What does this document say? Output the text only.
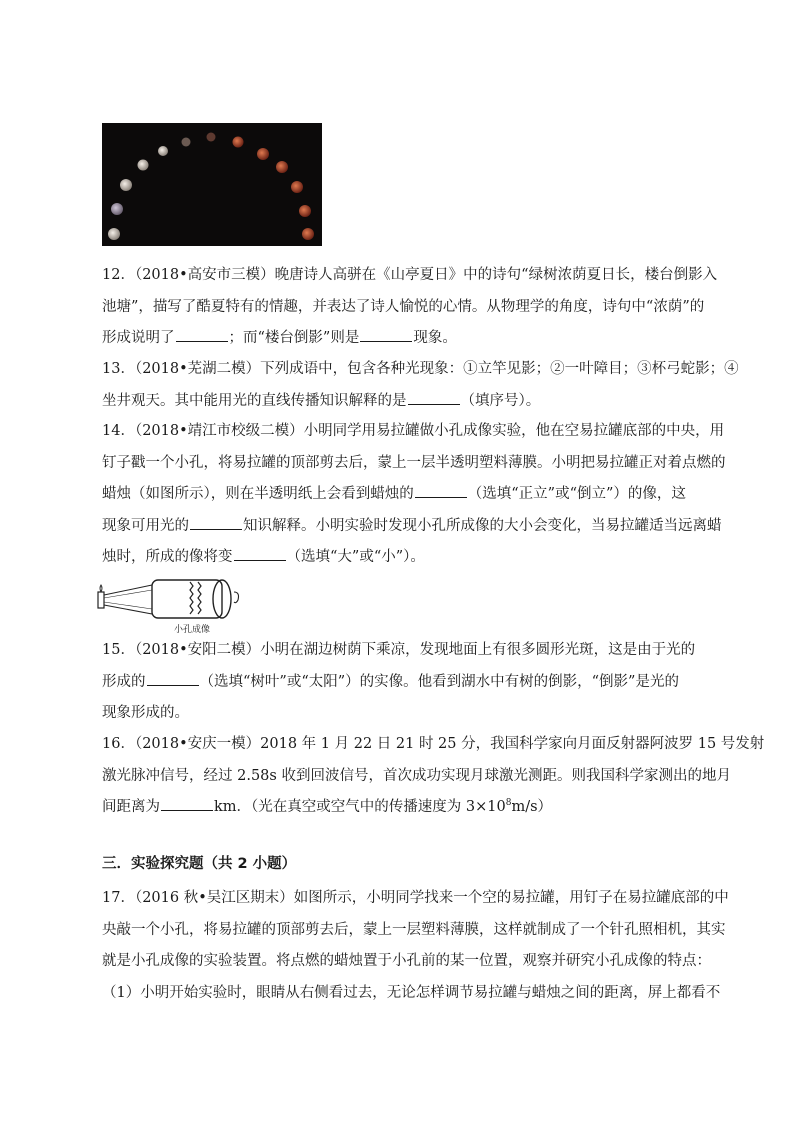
12．（2018•高安市三模）晚唐诗人高骈在《山亭夏日》中的诗句“绿树浓荫夏日长，楼台倒影入

池塘”，描写了酷夏特有的情趣，并表达了诗人愉悦的心情。从物理学的角度，诗句中“浓荫”的

形成说明了	；而“楼台倒影”则是	现象。

13．（2018•芜湖二模）下列成语中，包含各种光现象：①立竿见影；②一叶障目；③杯弓蛇影；④

坐井观天。其中能用光的直线传播知识解释的是	（填序号）。

14．（2018•靖江市校级二模）小明同学用易拉罐做小孔成像实验，他在空易拉罐底部的中央，用

钉子戳一个小孔，将易拉罐的顶部剪去后，蒙上一层半透明塑料薄膜。小明把易拉罐正对着点燃的

蜡烛（如图所示），则在半透明纸上会看到蜡烛的	（选填“正立”或“倒立”）的像，这

现象可用光的	知识解释。小明实验时发现小孔所成像的大小会变化，当易拉罐适当远离蜡

烛时，所成的像将变	（选填“大”或“小”）。

小孔成像

15．（2018•安阳二模）小明在湖边树荫下乘凉，发现地面上有很多圆形光斑，这是由于光的

形成的	（选填“树叶”或“太阳”）的实像。他看到湖水中有树的倒影，“倒影”是光的

现象形成的。

16．（2018•安庆一模）2018 年 1 月 22 日 21 时 25 分，我国科学家向月面反射器阿波罗 15 号发射

激光脉冲信号，经过 2.58s 收到回波信号，首次成功实现月球激光测距。则我国科学家测出的地月

间距离为	km．（光在真空或空气中的传播速度为 $3\times 10^8m/s$）

三．实验探究题（共 2 小题）

17．（2016 秋•吴江区期末）如图所示，小明同学找来一个空的易拉罐，用钉子在易拉罐底部的中

央敲一个小孔，将易拉罐的顶部剪去后，蒙上一层塑料薄膜，这样就制成了一个针孔照相机，其实

就是小孔成像的实验装置。将点燃的蜡烛置于小孔前的某一位置，观察并研究小孔成像的特点：

（1）小明开始实验时，眼睛从右侧看过去，无论怎样调节易拉罐与蜡烛之间的距离，屏上都看不
